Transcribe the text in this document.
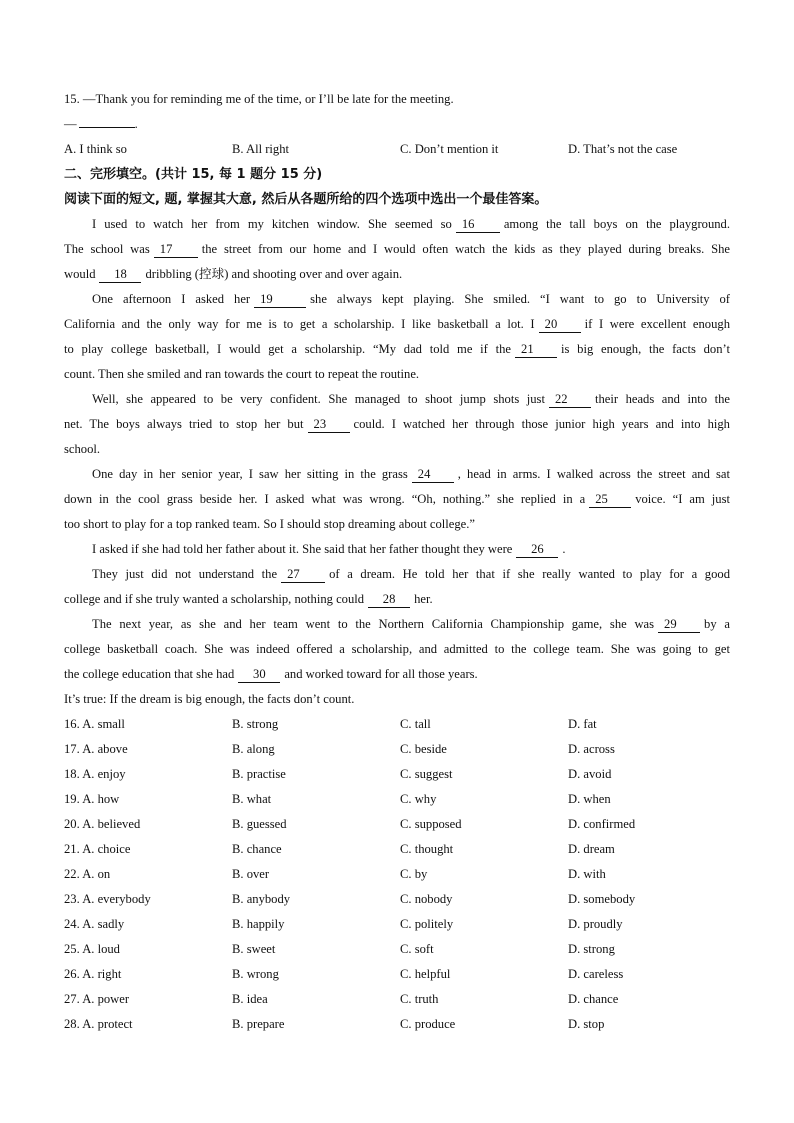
15. —Thank you for reminding me of the time, or I’ll be late for the meeting.
—	.
A. I think so	B. All right	C. Don’t mention it	D. That’s not the case
二、完形填空。(共计 15, 每 1 题分 15 分)
阅读下面的短文, 题, 掌握其大意, 然后从各题所给的四个选项中选出一个最佳答案。
I used to watch her from my kitchen window. She seemed so 16 among the tall boys on the playground.
The school was 17 the street from our home and I would often watch the kids as they played during breaks. She
would 18 dribbling (控球) and shooting over and over again.
One afternoon I asked her 19	she always kept playing. She smiled. “I want to go to University of
California and the only way for me is to get a scholarship. I like basketball a lot. I 20 if I were excellent enough
to play college basketball, I would get a scholarship. “My dad told me if the 21 is big enough, the facts don’t
count. Then she smiled and ran towards the court to repeat the routine.
Well, she appeared to be very confident. She managed to shoot jump shots just 22 their heads and into the
net. The boys always tried to stop her but 23 could. I watched her through those junior high years and into high
school.
One day in her senior year, I saw her sitting in the grass 24 , head in arms. I walked across the street and sat
down in the cool grass beside her. I asked what was wrong. “Oh, nothing.” she replied in a 25 voice. “I am just
too short to play for a top ranked team. So I should stop dreaming about college.”
I asked if she had told her father about it. She said that her father thought they were 26 .
They just did not understand the 27 of a dream. He told her that if she really wanted to play for a good
college and if she truly wanted a scholarship, nothing could 28 her.
The next year, as she and her team went to the Northern California Championship game, she was 29 by a
college basketball coach. She was indeed offered a scholarship, and admitted to the college team. She was going to get
the college education that she had 30 and worked toward for all those years.
It’s true: If the dream is big enough, the facts don’t count.
16. A. small	B. strong	C. tall	D. fat
17. A. above	B. along	C. beside	D. across
18. A. enjoy	B. practise	C. suggest	D. avoid
19. A. how	B. what	C. why	D. when
20. A. believed	B. guessed	C. supposed	D. confirmed
21. A. choice	B. chance	C. thought	D. dream
22. A. on	B. over	C. by	D. with
23. A. everybody	B. anybody	C. nobody	D. somebody
24. A. sadly	B. happily	C. politely	D. proudly
25. A. loud	B. sweet	C. soft	D. strong
26. A. right	B. wrong	C. helpful	D. careless
27. A. power	B. idea	C. truth	D. chance
28. A. protect	B. prepare	C. produce	D. stop
